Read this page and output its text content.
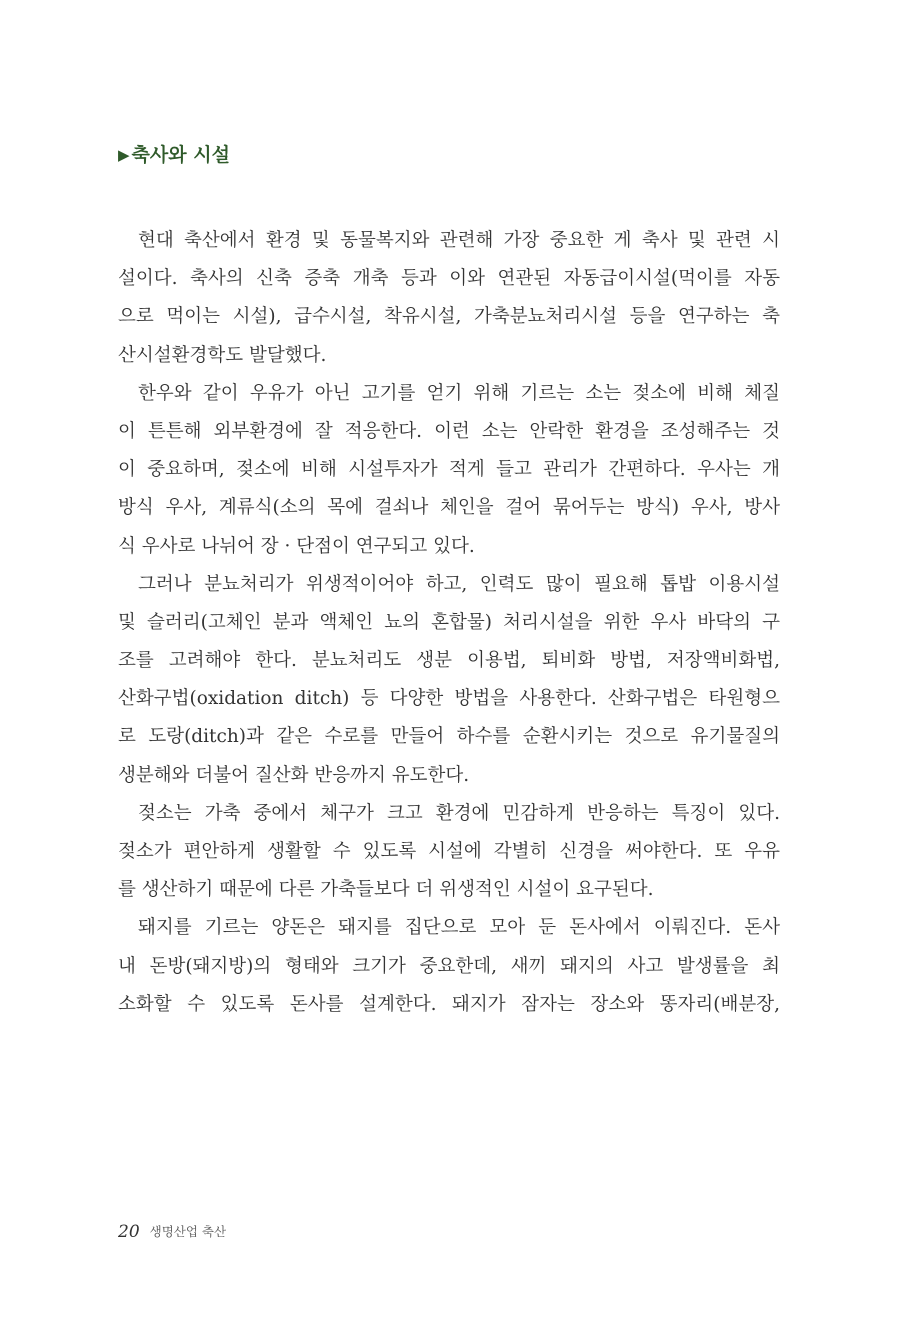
▶ 축사와 시설
현대 축산에서 환경 및 동물복지와 관련해 가장 중요한 게 축사 및 관련 시
설이다. 축사의 신축 증축 개축 등과 이와 연관된 자동급이시설(먹이를 자동
으로 먹이는 시설), 급수시설, 착유시설, 가축분뇨처리시설 등을 연구하는 축
산시설환경학도 발달했다.
한우와 같이 우유가 아닌 고기를 얻기 위해 기르는 소는 젖소에 비해 체질
이 튼튼해 외부환경에 잘 적응한다. 이런 소는 안락한 환경을 조성해주는 것
이 중요하며, 젖소에 비해 시설투자가 적게 들고 관리가 간편하다. 우사는 개
방식 우사, 계류식(소의 목에 걸쇠나 체인을 걸어 묶어두는 방식) 우사, 방사
식 우사로 나뉘어 장 · 단점이 연구되고 있다.
그러나 분뇨처리가 위생적이어야 하고, 인력도 많이 필요해 톱밥 이용시설
및 슬러리(고체인 분과 액체인 뇨의 혼합물) 처리시설을 위한 우사 바닥의 구
조를 고려해야 한다. 분뇨처리도 생분 이용법, 퇴비화 방법, 저장액비화법,
산화구법(oxidation ditch) 등 다양한 방법을 사용한다. 산화구법은 타원형으
로 도랑(ditch)과 같은 수로를 만들어 하수를 순환시키는 것으로 유기물질의
생분해와 더불어 질산화 반응까지 유도한다.
젖소는 가축 중에서 체구가 크고 환경에 민감하게 반응하는 특징이 있다.
젖소가 편안하게 생활할 수 있도록 시설에 각별히 신경을 써야한다. 또 우유
를 생산하기 때문에 다른 가축들보다 더 위생적인 시설이 요구된다.
돼지를 기르는 양돈은 돼지를 집단으로 모아 둔 돈사에서 이뤄진다. 돈사
내 돈방(돼지방)의 형태와 크기가 중요한데, 새끼 돼지의 사고 발생률을 최
소화할 수 있도록 돈사를 설계한다. 돼지가 잠자는 장소와 똥자리(배분장,
20 생명산업 축산
